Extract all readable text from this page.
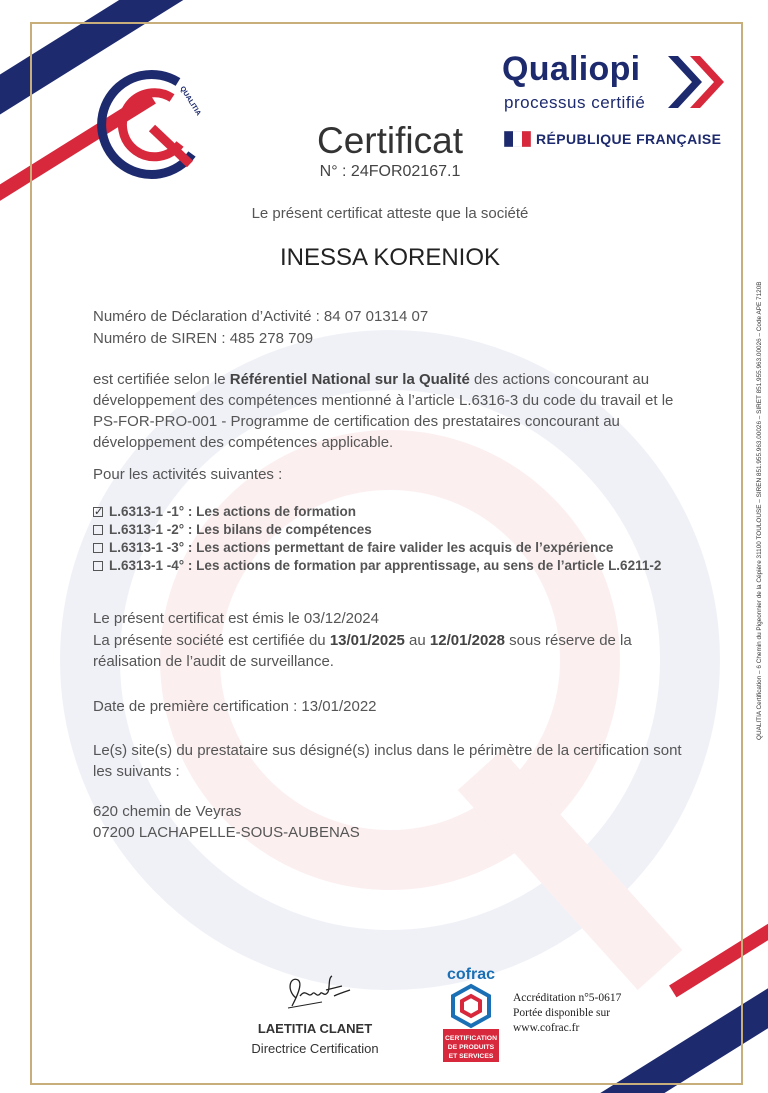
QUALITIA
Qualiopi
processus certifié
RÉPUBLIQUE FRANÇAISE
Certificat
N° : 24FOR02167.1
Le présent certificat atteste que la société
INESSA KORENIOK
Numéro de Déclaration d’Activité : 84 07 01314 07
Numéro de SIREN : 485 278 709
est certifiée selon le Référentiel National sur la Qualité des actions concourant au développement des compétences mentionné à l’article L.6316-3 du code du travail et le PS-FOR-PRO-001 - Programme de certification des prestataires concourant au développement des compétences applicable.
Pour les activités suivantes :
✓L.6313-1 -1° : Les actions de formation
L.6313-1 -2° : Les bilans de compétences
L.6313-1 -3° : Les actions permettant de faire valider les acquis de l’expérience
L.6313-1 -4° : Les actions de formation par apprentissage, au sens de l’article L.6211-2
Le présent certificat est émis le 03/12/2024
La présente société est certifiée du 13/01/2025 au 12/01/2028 sous réserve de la réalisation de l’audit de surveillance.
Date de première certification : 13/01/2022
Le(s) site(s) du prestataire sus désigné(s) inclus dans le périmètre de la certification sont les suivants :
620 chemin de Veyras
07200 LACHAPELLE-SOUS-AUBENAS
LAETITIA CLANET
Directrice Certification
cofrac
CERTIFICATION
DE PRODUITS
ET SERVICES
Accréditation n°5-0617
Portée disponible sur
www.cofrac.fr
QUALITIA Certification – 6 Chemin du Pigeonnier de la Cépière 31100 TOULOUSE – SIREN 851.955.963.00026 – SIRET 851.955.963.00026 – Code APE 7120B
